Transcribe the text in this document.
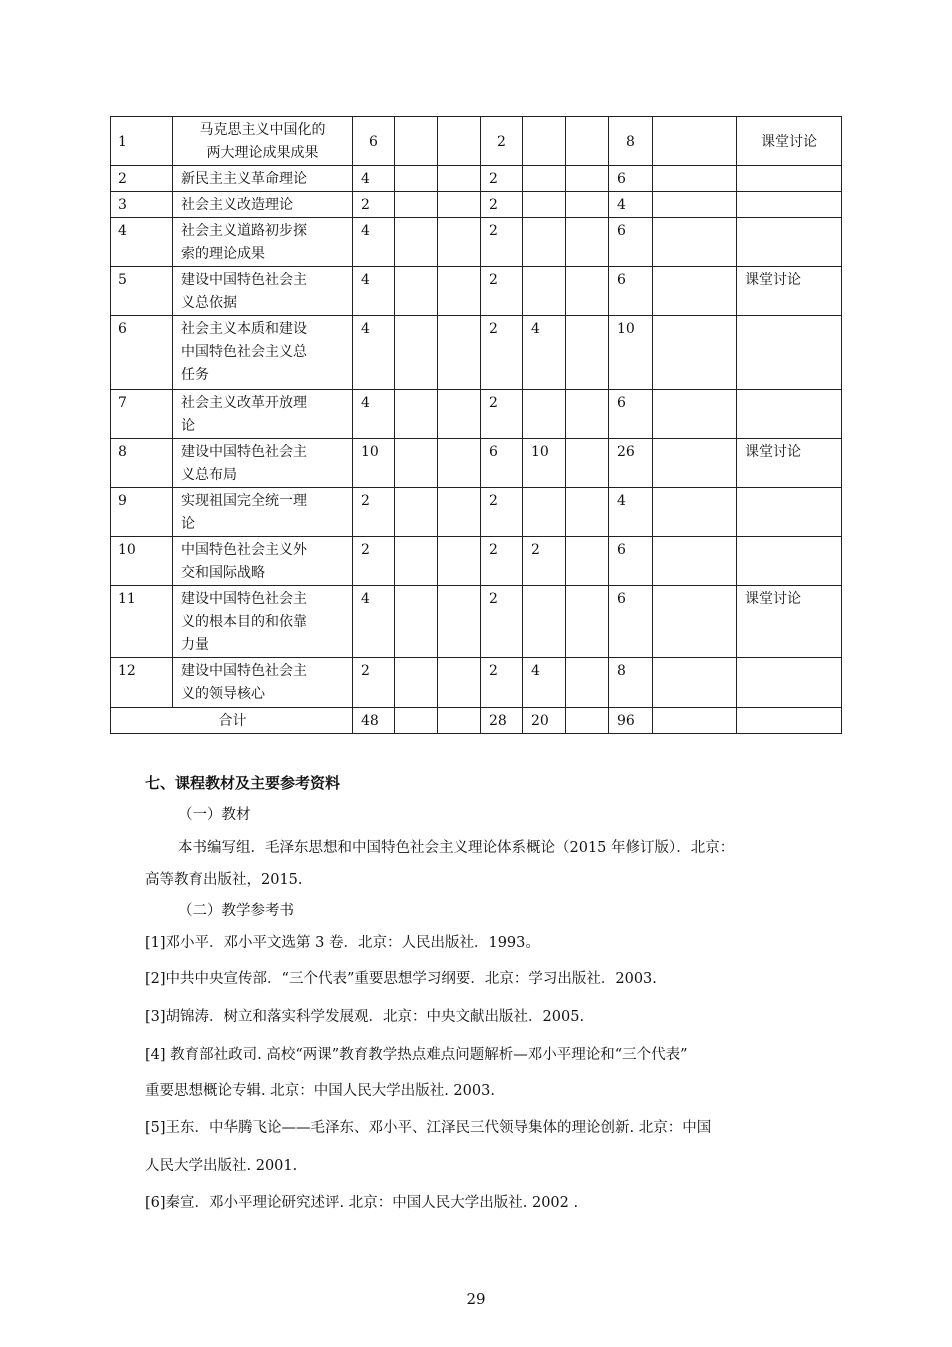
1	马克思主义中国化的
两大理论成果成果	6			2			8		课堂讨论
2	新民主主义革命理论	4			2			6		
3	社会主义改造理论	2			2			4		
4	社会主义道路初步探
索的理论成果	4			2			6		
5	建设中国特色社会主
义总依据	4			2			6		课堂讨论
6	社会主义本质和建设
中国特色社会主义总
任务	4			2	4		10		
7	社会主义改革开放理
论	4			2			6		
8	建设中国特色社会主
义总布局	10			6	10		26		课堂讨论
9	实现祖国完全统一理
论	2			2			4		
10	中国特色社会主义外
交和国际战略	2			2	2		6		
11	建设中国特色社会主
义的根本目的和依靠
力量	4			2			6		课堂讨论
12	建设中国特色社会主
义的领导核心	2			2	4		8		
合计		48			28	20		96		
七、课程教材及主要参考资料
（一）教材
本书编写组．毛泽东思想和中国特色社会主义理论体系概论（2015 年修订版）．北京：
高等教育出版社，2015.
（二）教学参考书
[1]邓小平．邓小平文选第 3 卷．北京：人民出版社．1993。
[2]中共中央宣传部．“三个代表”重要思想学习纲要．北京：学习出版社．2003.
[3]胡锦涛．树立和落实科学发展观．北京：中央文献出版社．2005.
[4] 教育部社政司. 高校“两课”教育教学热点难点问题解析—邓小平理论和“三个代表”
重要思想概论专辑. 北京：中国人民大学出版社. 2003.
[5]王东．中华腾飞论——毛泽东、邓小平、江泽民三代领导集体的理论创新. 北京：中国
人民大学出版社. 2001.
[6]秦宣．邓小平理论研究述评. 北京：中国人民大学出版社. 2002 .
29
